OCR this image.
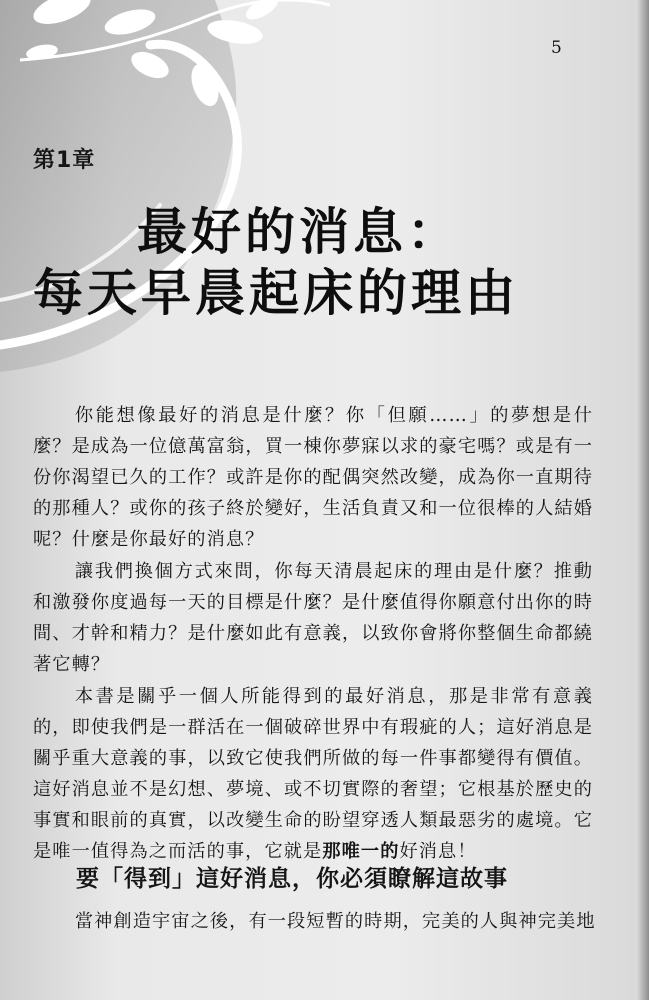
5
第1章
最好的消息：
每天早晨起床的理由

你能想像最好的消息是什麼？你「但願……」的夢想是什麼？是成為一位億萬富翁，買一棟你夢寐以求的豪宅嗎？或是有一份你渴望已久的工作？或許是你的配偶突然改變，成為你一直期待的那種人？或你的孩子終於變好，生活負責又和一位很棒的人結婚呢？什麼是你最好的消息？

讓我們換個方式來問，你每天清晨起床的理由是什麼？推動和激發你度過每一天的目標是什麼？是什麼值得你願意付出你的時間、才幹和精力？是什麼如此有意義，以致你會將你整個生命都繞著它轉？

本書是關乎一個人所能得到的最好消息，那是非常有意義的，即使我們是一群活在一個破碎世界中有瑕疵的人；這好消息是關乎重大意義的事，以致它使我們所做的每一件事都變得有價值。這好消息並不是幻想、夢境、或不切實際的奢望；它根基於歷史的事實和眼前的真實，以改變生命的盼望穿透人類最惡劣的處境。它是唯一值得為之而活的事，它就是那唯一的好消息！

要「得到」這好消息，你必須瞭解這故事

當神創造宇宙之後，有一段短暫的時期，完美的人與神完美地
